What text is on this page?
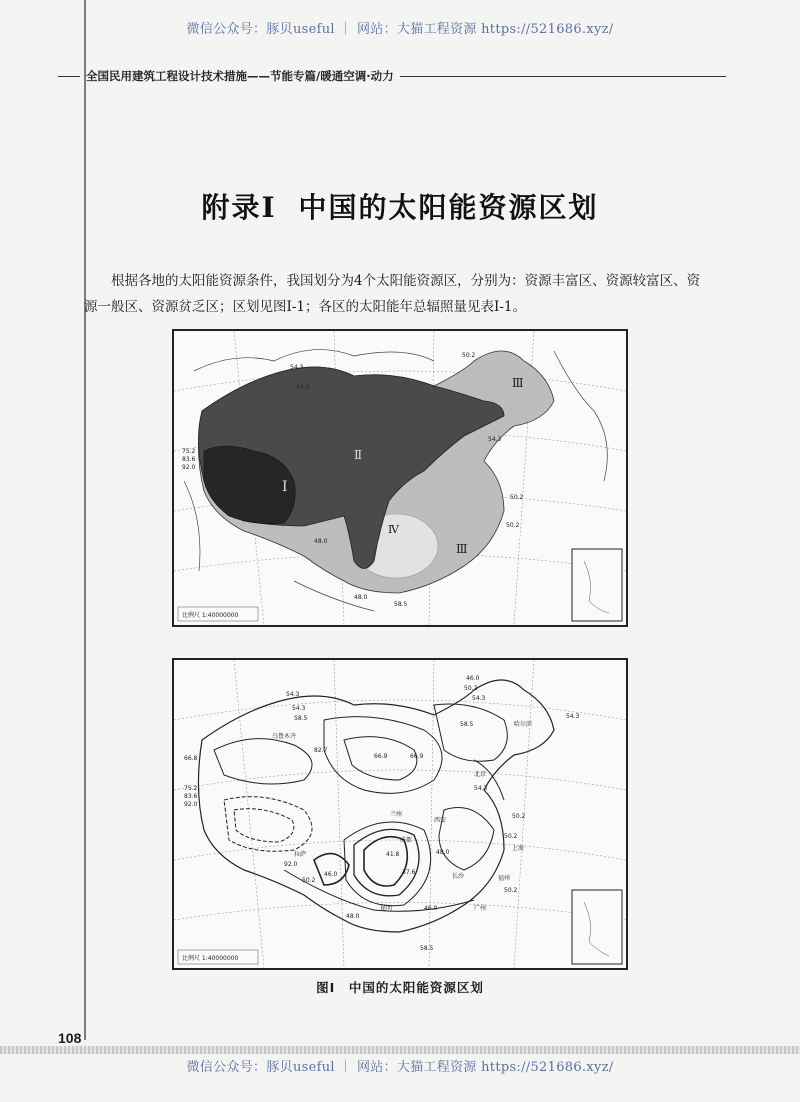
微信公众号：豚贝useful ｜ 网站：大猫工程资源 https://521686.xyz/
全国民用建筑工程设计技术措施——节能专篇/暖通空调·动力
附录Ⅰ 中国的太阳能资源区划
根据各地的太阳能资源条件，我国划分为4个太阳能资源区，分别为：资源丰富区、资源较富区、资源一般区、资源贫乏区；区划见图Ⅰ-1；各区的太阳能年总辐照量见表Ⅰ-1。
Ⅰ
Ⅱ
Ⅲ
Ⅲ
Ⅳ
54.3
50.2
54.3
75.2
83.6
92.0
48.0
50.2
54.3
48.0
58.5
50.2
比例尺 1:40000000
54.3
54.3
58.5
66.8
75.2
83.6
92.0
82.7
66.9	66.9
54.3
50.2
46.0
58.5
41.8
37.6
48.0
50.2
54.3
46.0
50.2
58.5
92.0
50.2
46.0
48.0
50.2
54.3
乌鲁木齐
哈尔滨
北京
兰州
成都
长沙
拉萨
上海
广州
西安
福州
昆明
比例尺 1:40000000
图Ⅰ　中国的太阳能资源区划
108
微信公众号：豚贝useful ｜ 网站：大猫工程资源 https://521686.xyz/
